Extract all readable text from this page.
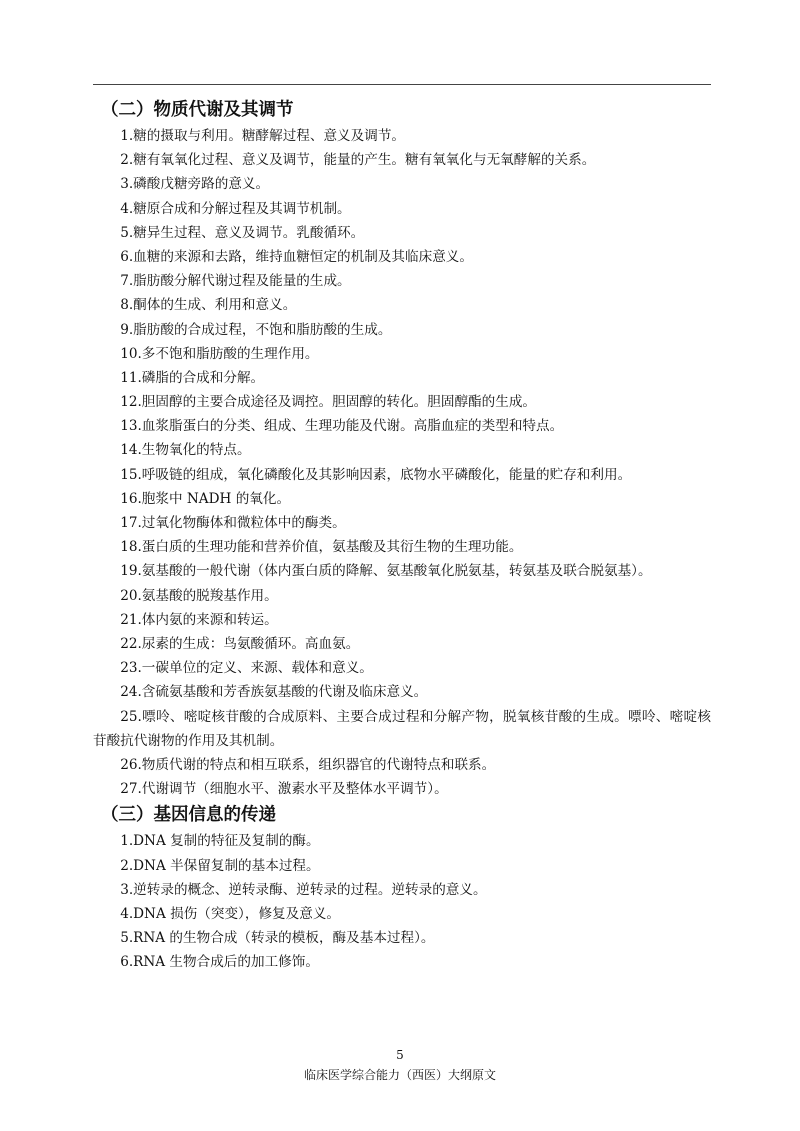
（二）物质代谢及其调节
1.糖的摄取与利用。糖酵解过程、意义及调节。
2.糖有氧氧化过程、意义及调节，能量的产生。糖有氧氧化与无氧酵解的关系。
3.磷酸戊糖旁路的意义。
4.糖原合成和分解过程及其调节机制。
5.糖异生过程、意义及调节。乳酸循环。
6.血糖的来源和去路，维持血糖恒定的机制及其临床意义。
7.脂肪酸分解代谢过程及能量的生成。
8.酮体的生成、利用和意义。
9.脂肪酸的合成过程，不饱和脂肪酸的生成。
10.多不饱和脂肪酸的生理作用。
11.磷脂的合成和分解。
12.胆固醇的主要合成途径及调控。胆固醇的转化。胆固醇酯的生成。
13.血浆脂蛋白的分类、组成、生理功能及代谢。高脂血症的类型和特点。
14.生物氧化的特点。
15.呼吸链的组成，氧化磷酸化及其影响因素，底物水平磷酸化，能量的贮存和利用。
16.胞浆中 NADH 的氧化。
17.过氧化物酶体和微粒体中的酶类。
18.蛋白质的生理功能和营养价值，氨基酸及其衍生物的生理功能。
19.氨基酸的一般代谢（体内蛋白质的降解、氨基酸氧化脱氨基，转氨基及联合脱氨基）。
20.氨基酸的脱羧基作用。
21.体内氨的来源和转运。
22.尿素的生成：鸟氨酸循环。高血氨。
23.一碳单位的定义、来源、载体和意义。
24.含硫氨基酸和芳香族氨基酸的代谢及临床意义。
25.嘌呤、嘧啶核苷酸的合成原料、主要合成过程和分解产物，脱氧核苷酸的生成。嘌呤、嘧啶核苷酸抗代谢物的作用及其机制。
26.物质代谢的特点和相互联系，组织器官的代谢特点和联系。
27.代谢调节（细胞水平、激素水平及整体水平调节）。
（三）基因信息的传递
1.DNA 复制的特征及复制的酶。
2.DNA 半保留复制的基本过程。
3.逆转录的概念、逆转录酶、逆转录的过程。逆转录的意义。
4.DNA 损伤（突变），修复及意义。
5.RNA 的生物合成（转录的模板，酶及基本过程）。
6.RNA 生物合成后的加工修饰。
5
临床医学综合能力（西医）大纲原文
